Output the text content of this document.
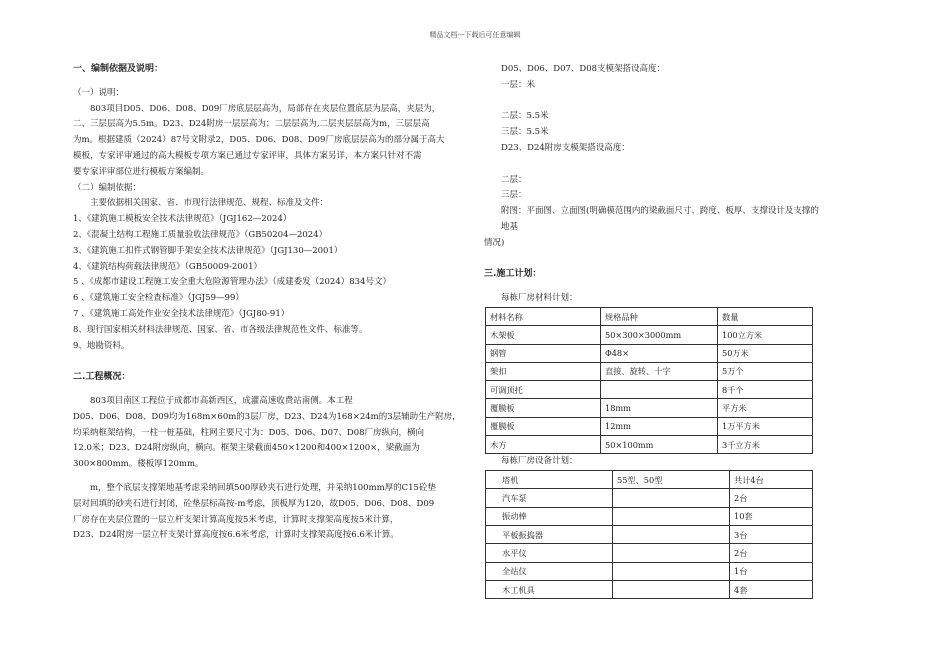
精品文档---下载后可任意编辑

一、编制依据及说明：

（一）说明：

803项目D05、D06、D08、D09厂房底层层高为，局部存在夹层位置底层为层高，夹层为，

二、三层层高为5.5m。D23、D24附房一层层高为；二层层高为,二层夹层层高为m，三层层高

为m。根据建质（2024）87号文附录2，D05、D06、D08、D09厂房底层层高为的部分属于高大

模板，专家评审通过的高大模板专项方案已通过专家评审，具体方案另详，本方案只针对不需

要专家评审部位进行模板方案编制。

（二）编制依据：

主要依据相关国家、省、市现行法律规范、规程、标准及文件：

1、《建筑施工模板安全技术法律规范》（JGJ162—2024）

2、《混凝土结构工程施工质量验收法律规范》（GB50204—2024）

3、《建筑施工扣件式钢管脚手架安全技术法律规范》（JGJ130—2001）

4、《建筑结构荷载法律规范》（GB50009-2001）

5 、《成都市建设工程施工安全重大危险源管理办法》（成建委发（2024）834号文）

6 、《建筑施工安全检查标准》（JGJ59—99）

7 、《建筑施工高处作业安全技术法律规范》（JGJ80-91）

8、现行国家相关材料法律规范、国家、省、市各级法律规范性文件、标准等。

9、地勘资料。

二.工程概况：

803项目南区工程位于成都市高新西区，成灌高速收费站南侧。本工程

D05、D06、D08、D09均为168m×60m的3层厂房，D23、D24为168×24m的3层辅助生产附房，

均采纳框架结构，一柱一桩基础，柱网主要尺寸为：D05、D06、D07、D08厂房纵向，横向

12.0米；D23、D24附房纵向，横向。框架主梁截面450×1200和400×1200×，梁截面为

300×800mm。楼板厚120mm。

m，整个底层支撑架地基考虑采纳回填500厚砂夹石进行处理，并采纳100mm厚的C15砼垫

层对回填的砂夹石进行封闭，砼垫层标高按-m考虑，顶板厚为120，故D05、D06、D08、D09

厂房存在夹层位置的一层立杆支架计算高度按5米考虑，计算时支撑架高度按5米计算，

D23、D24附房一层立杆支架计算高度按6.6米考虑，计算时支撑架高度按6.6米计算。

D05、D06、D07、D08支模架搭设高度：

一层：米

二层：5.5米

三层：5.5米

D23、D24附房支模架搭设高度：

二层：

三层：

附图：平面图、立面图(明确模范围内的梁截面尺寸、跨度、板厚、支撑设计及支撑的地基

情况)

三.施工计划：

每栋厂房材料计划：

材料名称	规格品种	数量
木架板	50×300×3000mm	100立方米
钢管	Φ48×	50万米
架扣	直接、旋转、十字	5万个
可调顶托		8千个
覆膜板	18mm	平方米
覆膜板	12mm	1万平方米
木方	50×100mm	3千立方米

每栋厂房设备计划：

塔机	55型、50型	共计4台
汽车泵		2台
振动棒		10套
平板振捣器		3台
水平仪		2台
全站仪		1台
木工机具		4套
